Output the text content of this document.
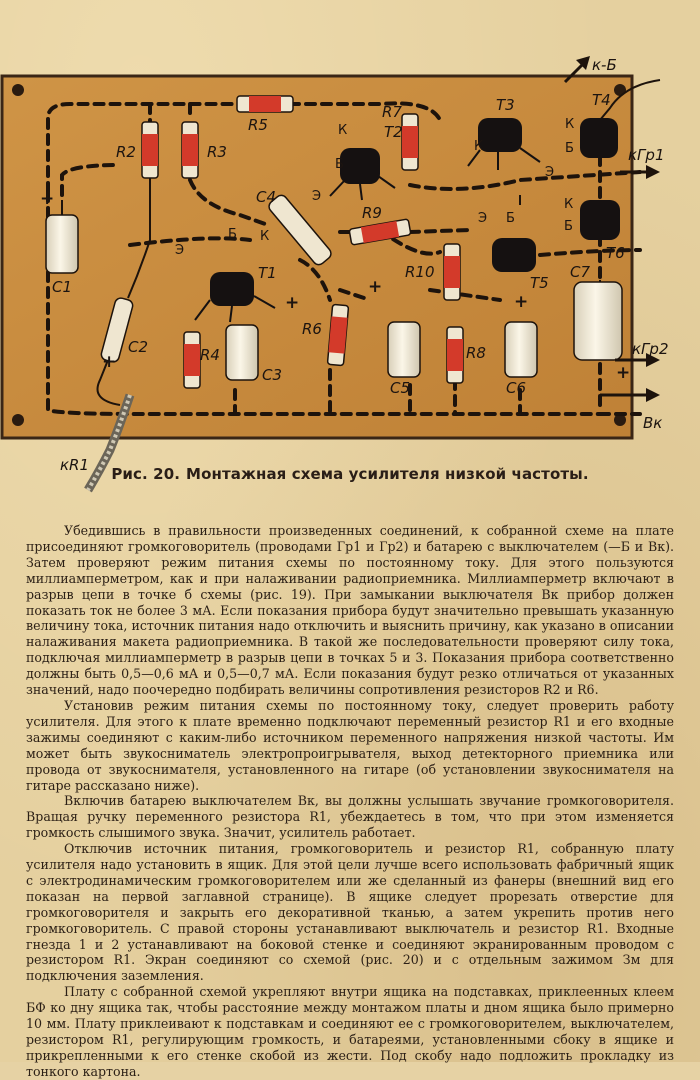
к-Б
кГр1
кГр2
Вк
кR1
R2	R3
R5
R7
R9
R10
R6
R4	R8
C1
C2
C3
C4
C5	C6
C7
T1
T2
T3	T4
T5
T6
Э
Б К
К
Б
Э
К
К
Б
Э
Э Б
К
Б
+
+
+
+
+
+
Рис. 20. Монтажная схема усилителя низкой частоты.

Убедившись в правильности произведенных соединений, к собранной схеме на плате присоединяют громкоговоритель (проводами Гр1 и Гр2) и батарею с выключателем (—Б и Вк). Затем проверяют режим питания схемы по постоянному току. Для этого пользуются миллиамперметром, как и при налаживании радиоприемника. Миллиамперметр включают в разрыв цепи в точке б схемы (рис. 19). При замыкании выключателя Вк прибор должен показать ток не более 3 мА. Если показания прибора будут значительно превышать указанную величину тока, источник питания надо отключить и выяснить причину, как указано в описании налаживания макета радиоприемника. В такой же последовательности проверяют силу тока, подключая миллиамперметр в разрыв цепи в точках 5 и 3. Показания прибора соответственно должны быть 0,5—0,6 мА и 0,5—0,7 мА. Если показания будут резко отличаться от указанных значений, надо поочередно подбирать величины сопротивления резисторов R2 и R6.

Установив режим питания схемы по постоянному току, следует проверить работу усилителя. Для этого к плате временно подключают переменный резистор R1 и его входные зажимы соединяют с каким-либо источником переменного напряжения низкой частоты. Им может быть звукосниматель электропроигрывателя, выход детекторного приемника или провода от звукоснимателя, установленного на гитаре (об установлении звукоснимателя на гитаре рассказано ниже).

Включив батарею выключателем Вк, вы должны услышать звучание громкоговорителя. Вращая ручку переменного резистора R1, убеждаетесь в том, что при этом изменяется громкость слышимого звука. Значит, усилитель работает.

Отключив источник питания, громкоговоритель и резистор R1, собранную плату усилителя надо установить в ящик. Для этой цели лучше всего использовать фабричный ящик с электродинамическим громкоговорителем или же сделанный из фанеры (внешний вид его показан на первой заглавной странице). В ящике следует прорезать отверстие для громкоговорителя и закрыть его декоративной тканью, а затем укрепить против него громкоговоритель. С правой стороны устанавливают выключатель и резистор R1. Входные гнезда 1 и 2 устанавливают на боковой стенке и соединяют экранированным проводом с резистором R1. Экран соединяют со схемой (рис. 20) и с отдельным зажимом Зм для подключения заземления.

Плату с собранной схемой укрепляют внутри ящика на подставках, приклеенных клеем БФ ко дну ящика так, чтобы расстояние между монтажом платы и дном ящика было примерно 10 мм. Плату приклеивают к подставкам и соединяют ее с громкоговорителем, выключателем, резистором R1, регулирующим громкость, и батареями, установленными сбоку в ящике и прикрепленными к его стенке скобой из жести. Под скобу надо подложить прокладку из тонкого картона.
